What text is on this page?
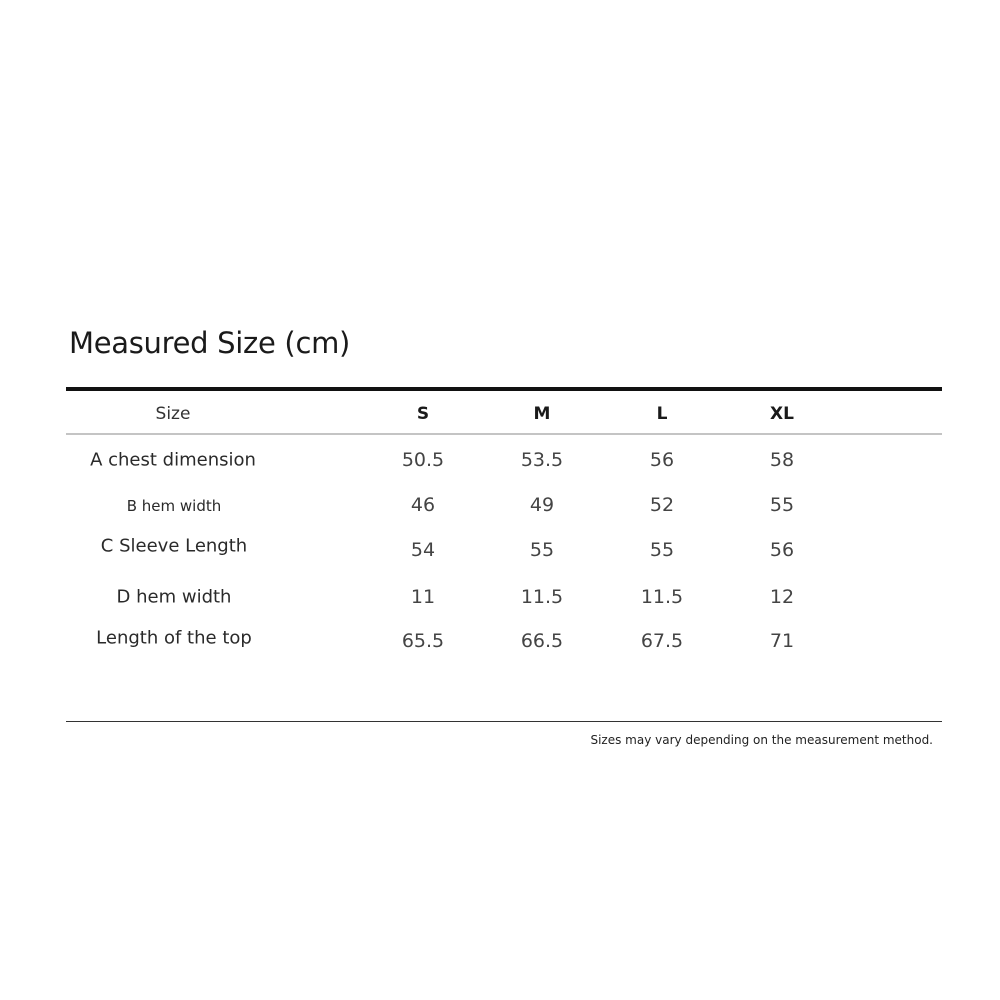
Measured Size (cm)
Size	S	M	L	XL
A chest dimension	50.5	53.5	56	58
B hem width	46	49	52	55
C Sleeve Length	54	55	55	56
D hem width	11	11.5	11.5	12
Length of the top	65.5	66.5	67.5	71
Sizes may vary depending on the measurement method.
